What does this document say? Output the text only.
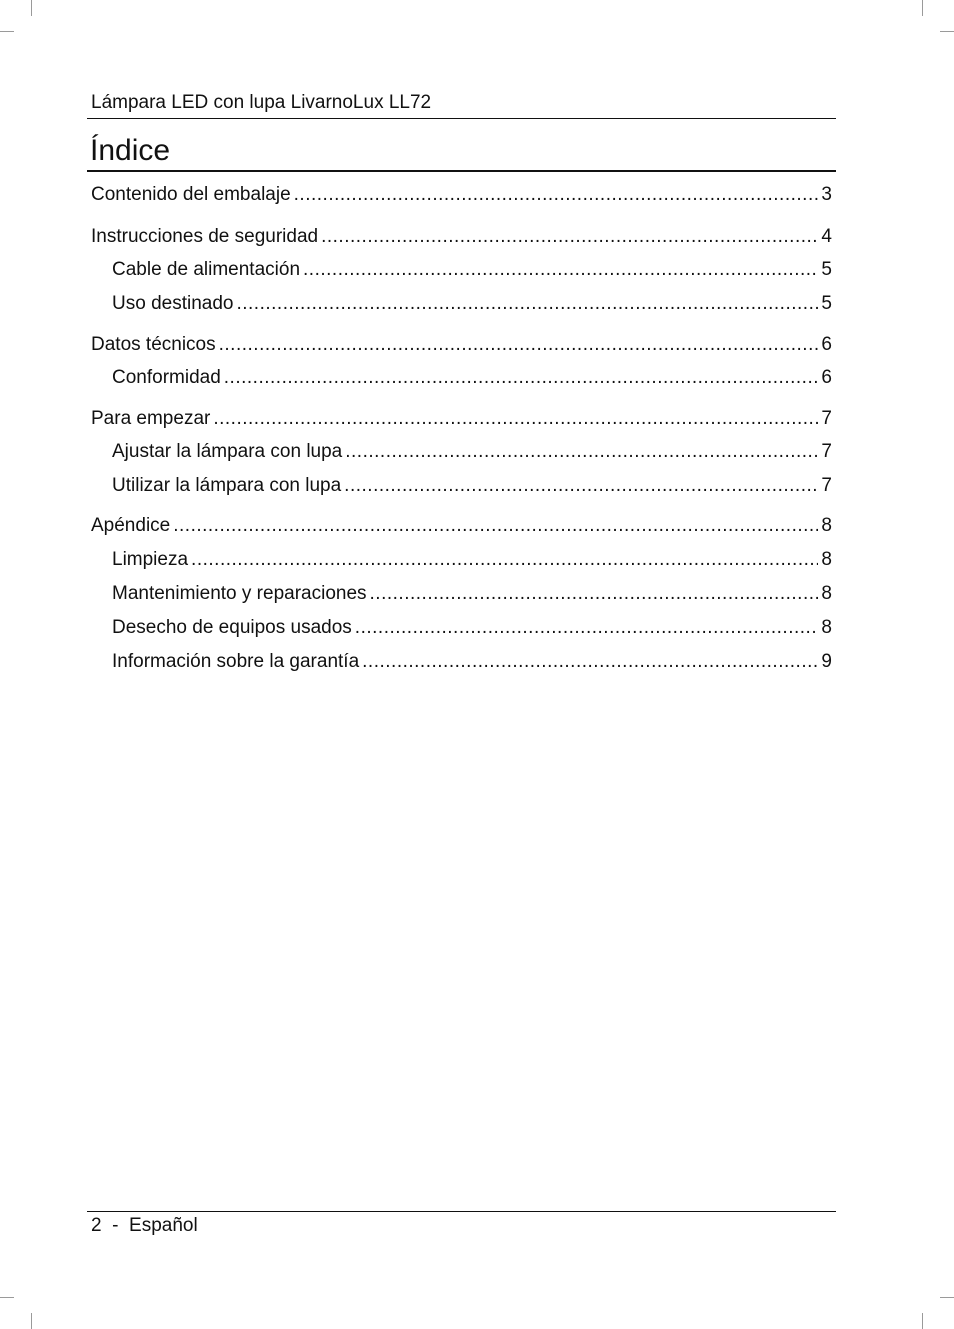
Lámpara LED con lupa LivarnoLux LL72
Índice
Contenido del embalaje .....	3
Instrucciones de seguridad .....	4
Cable de alimentación .....	5
Uso destinado .....	5
Datos técnicos .....	6
Conformidad .....	6
Para empezar .....	7
Ajustar la lámpara con lupa .....	7
Utilizar la lámpara con lupa .....	7
Apéndice .....	8
Limpieza .....	8
Mantenimiento y reparaciones .....	8
Desecho de equipos usados .....	8
Información sobre la garantía .....	9
2 - Español
